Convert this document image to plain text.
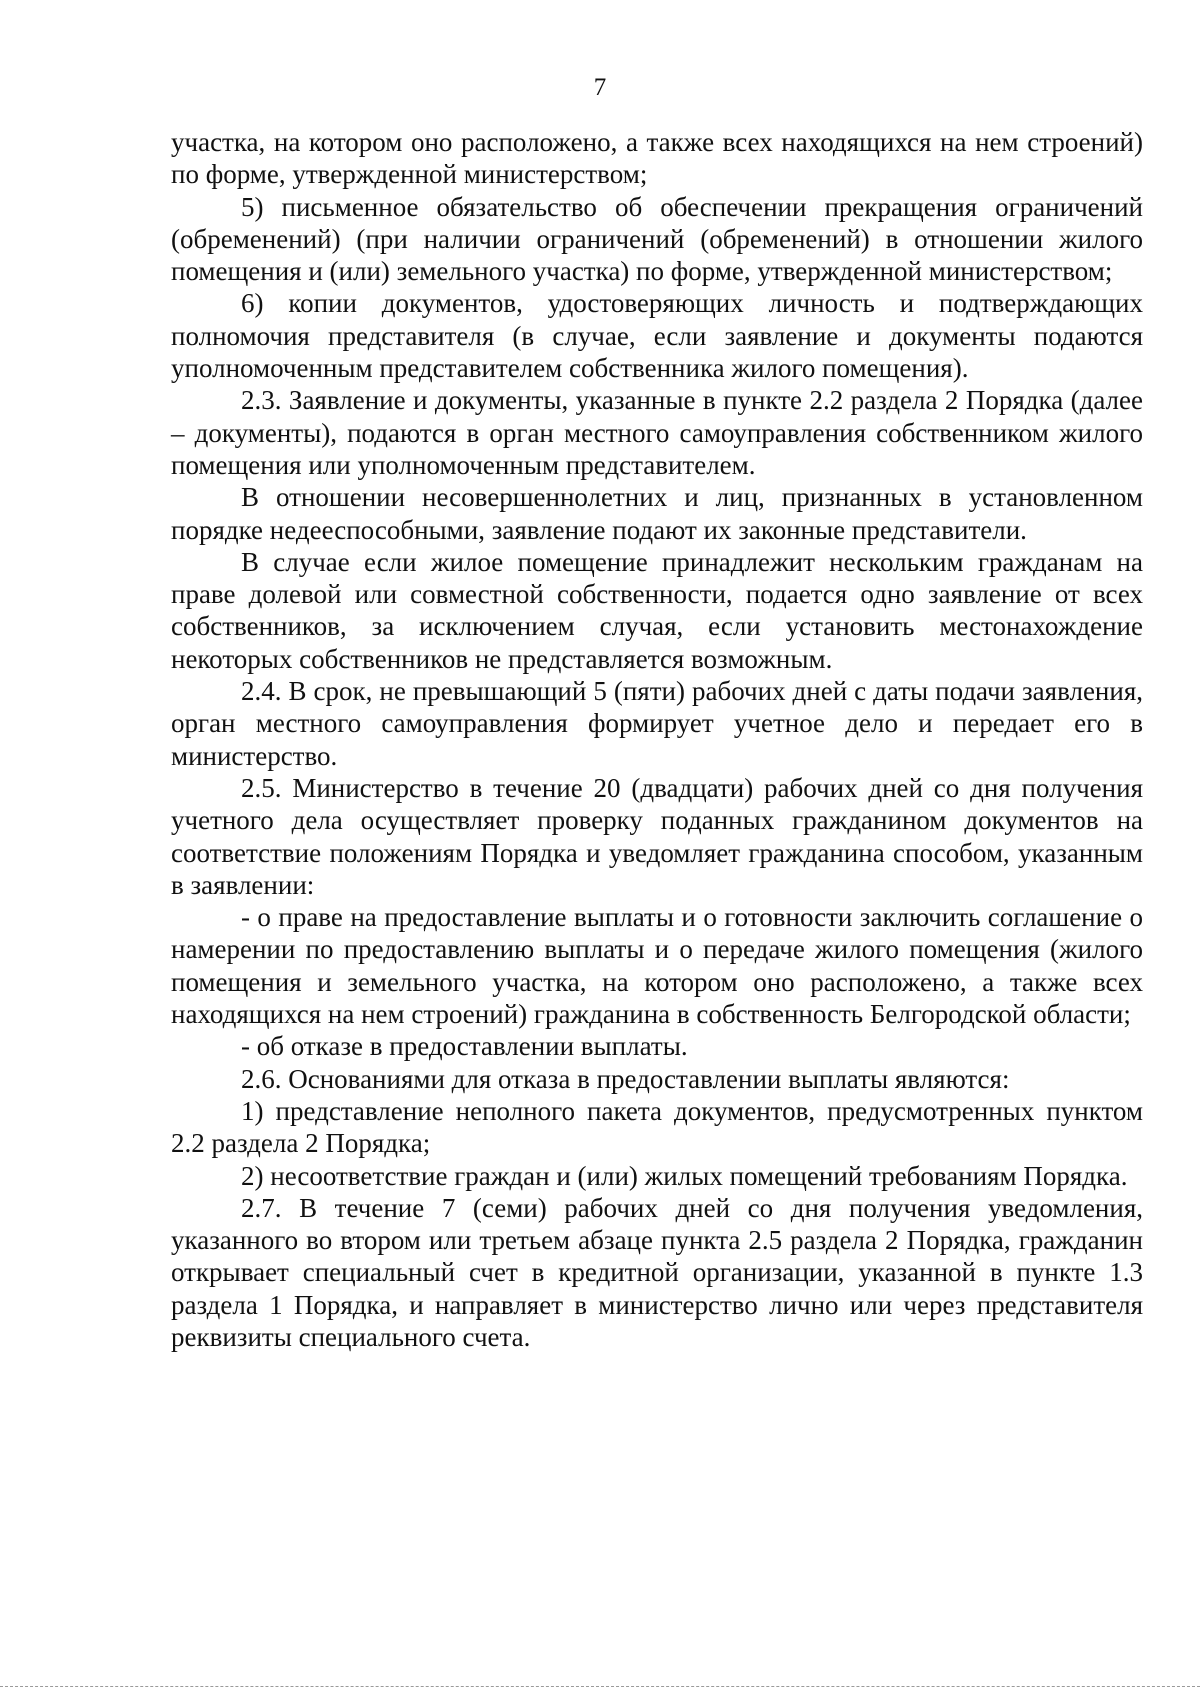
7

участка, на котором оно расположено, а также всех находящихся на нем строений) по форме, утвержденной министерством;

5) письменное обязательство об обеспечении прекращения ограничений (обременений) (при наличии ограничений (обременений) в отношении жилого помещения и (или) земельного участка) по форме, утвержденной министерством;

6) копии документов, удостоверяющих личность и подтверждающих полномочия представителя (в случае, если заявление и документы подаются уполномоченным представителем собственника жилого помещения).

2.3. Заявление и документы, указанные в пункте 2.2 раздела 2 Порядка (далее – документы), подаются в орган местного самоуправления собственником жилого помещения или уполномоченным представителем.

В отношении несовершеннолетних и лиц, признанных в установленном порядке недееспособными, заявление подают их законные представители.

В случае если жилое помещение принадлежит нескольким гражданам на праве долевой или совместной собственности, подается одно заявление от всех собственников, за исключением случая, если установить местонахождение некоторых собственников не представляется возможным.

2.4. В срок, не превышающий 5 (пяти) рабочих дней с даты подачи заявления, орган местного самоуправления формирует учетное дело и передает его в министерство.

2.5. Министерство в течение 20 (двадцати) рабочих дней со дня получения учетного дела осуществляет проверку поданных гражданином документов на соответствие положениям Порядка и уведомляет гражданина способом, указанным в заявлении:

- о праве на предоставление выплаты и о готовности заключить соглашение о намерении по предоставлению выплаты и о передаче жилого помещения (жилого помещения и земельного участка, на котором оно расположено, а также всех находящихся на нем строений) гражданина в собственность Белгородской области;

- об отказе в предоставлении выплаты.

2.6. Основаниями для отказа в предоставлении выплаты являются:

1) представление неполного пакета документов, предусмотренных пунктом 2.2 раздела 2 Порядка;

2) несоответствие граждан и (или) жилых помещений требованиям Порядка.

2.7. В течение 7 (семи) рабочих дней со дня получения уведомления, указанного во втором или третьем абзаце пункта 2.5 раздела 2 Порядка, гражданин открывает специальный счет в кредитной организации, указанной в пункте 1.3 раздела 1 Порядка, и направляет в министерство лично или через представителя реквизиты специального счета.
